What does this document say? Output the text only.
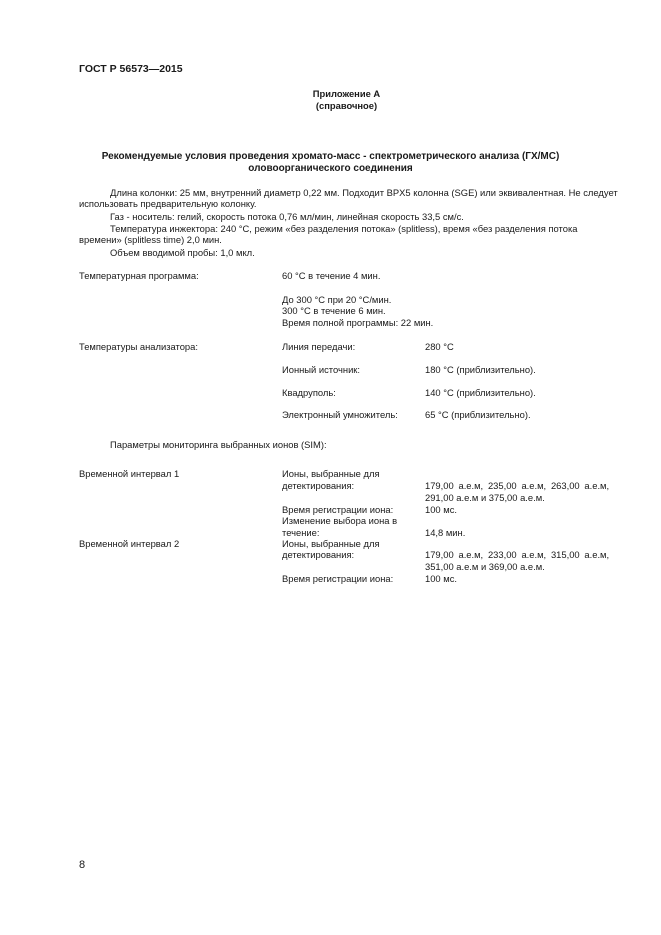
ГОСТ Р 56573—2015
Приложение А
(справочное)
Рекомендуемые условия проведения хромато-масс - спектрометрического анализа (ГХ/МС)
оловоорганического соединения
Длина колонки: 25 мм, внутренний диаметр 0,22 мм. Подходит BPX5 колонна (SGE) или эквивалентная. Не следует использовать предварительную колонку.
Газ - носитель: гелий, скорость потока 0,76 мл/мин, линейная скорость 33,5 см/с.
Температура инжектора: 240 °С, режим «без разделения потока» (splitless), время «без разделения потока времени» (splitless time) 2,0 мин.
Объем вводимой пробы: 1,0 мкл.
Температурная программа:	60 °С в течение 4 мин.
До 300 °С при 20 °С/мин.
300 °С в течение 6 мин.
Время полной программы: 22 мин.
Температуры анализатора:	Линия передачи:	280 °С
Ионный источник:	180 °С (приблизительно).
Квадруполь:	140 °С (приблизительно).
Электронный умножитель:	65 °С (приблизительно).
Параметры мониторинга выбранных ионов (SIM):
Временной интервал 1	Ионы, выбранные для
детектирования:	179,00 а.е.м, 235,00 а.е.м, 263,00 а.е.м,
291,00 а.е.м и 375,00 а.е.м.
Время регистрации иона:	100 мс.
Изменение выбора иона в
течение:	14,8 мин.
Временной интервал 2	Ионы, выбранные для
детектирования:	179,00 а.е.м, 233,00 а.е.м, 315,00 а.е.м,
351,00 а.е.м и 369,00 а.е.м.
Время регистрации иона:	100 мс.
8
